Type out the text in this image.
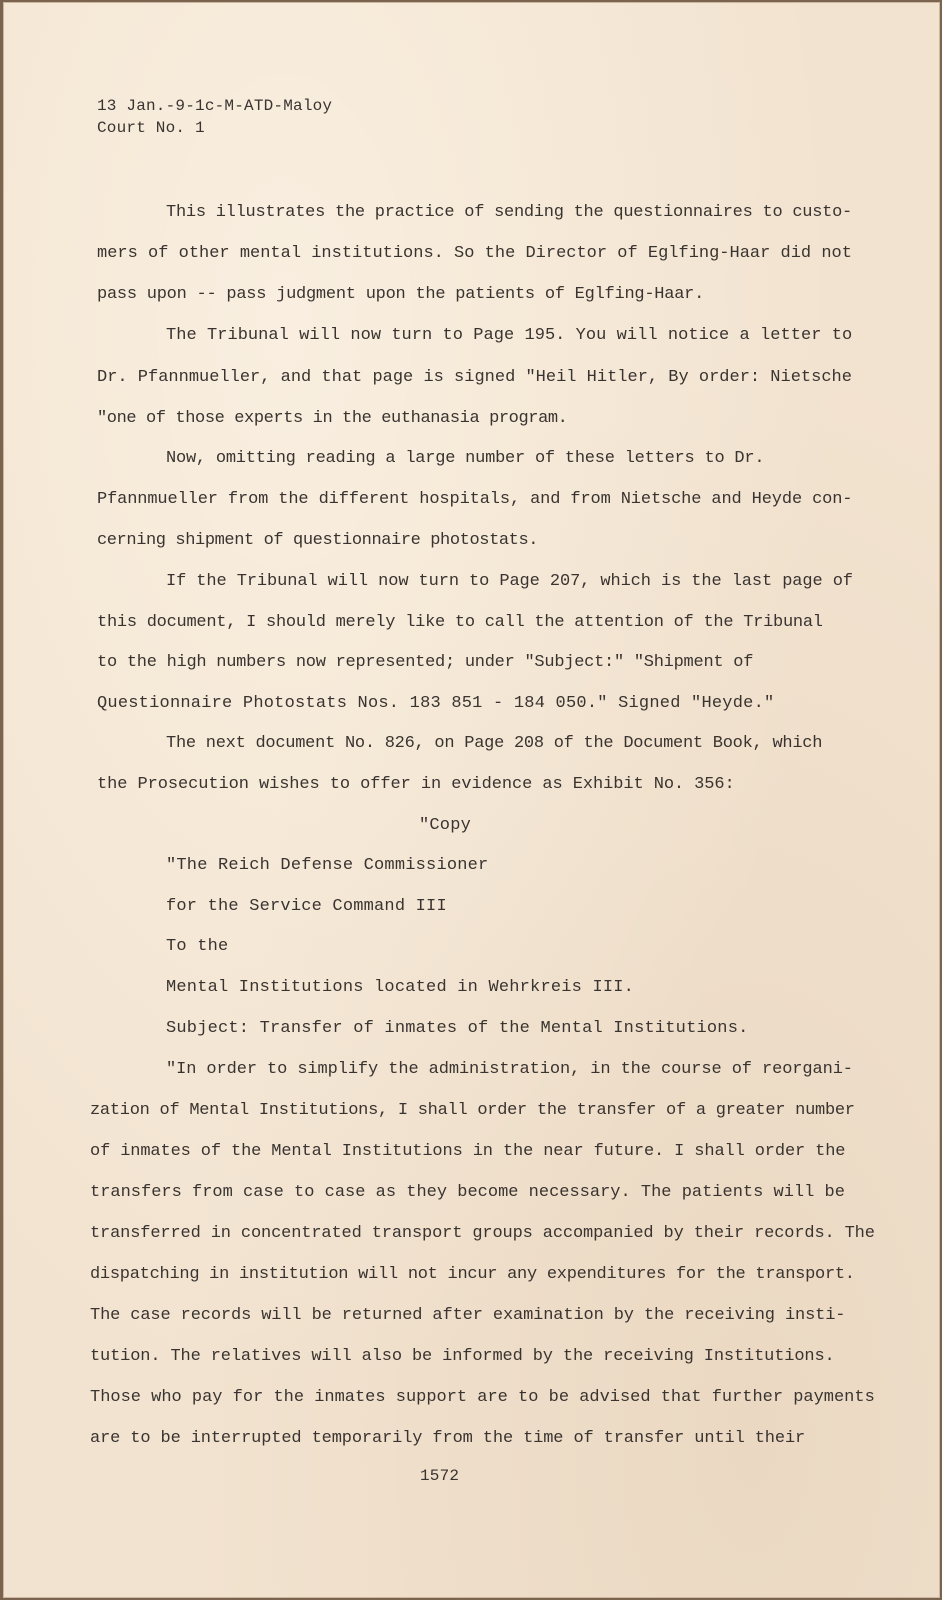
13 Jan.-9-1c-M-ATD-Maloy
Court No. 1
This illustrates the practice of sending the questionnaires to custo-
mers of other mental institutions. So the Director of Eglfing-Haar did not
pass upon -- pass judgment upon the patients of Eglfing-Haar.
The Tribunal will now turn to Page 195. You will notice a letter to
Dr. Pfannmueller, and that page is signed "Heil Hitler, By order: Nietsche
"one of those experts in the euthanasia program.
Now, omitting reading a large number of these letters to Dr.
Pfannmueller from the different hospitals, and from Nietsche and Heyde con-
cerning shipment of questionnaire photostats.
If the Tribunal will now turn to Page 207, which is the last page of
this document, I should merely like to call the attention of the Tribunal
to the high numbers now represented; under "Subject:" "Shipment of
Questionnaire Photostats Nos. 183 851 - 184 050." Signed "Heyde."
The next document No. 826, on Page 208 of the Document Book, which
the Prosecution wishes to offer in evidence as Exhibit No. 356:
"Copy
"The Reich Defense Commissioner
for the Service Command III
To the
Mental Institutions located in Wehrkreis III.
Subject: Transfer of inmates of the Mental Institutions.
"In order to simplify the administration, in the course of reorgani-
zation of Mental Institutions, I shall order the transfer of a greater number
of inmates of the Mental Institutions in the near future. I shall order the
transfers from case to case as they become necessary. The patients will be
transferred in concentrated transport groups accompanied by their records. The
dispatching in institution will not incur any expenditures for the transport.
The case records will be returned after examination by the receiving insti-
tution. The relatives will also be informed by the receiving Institutions.
Those who pay for the inmates support are to be advised that further payments
are to be interrupted temporarily from the time of transfer until their
1572
